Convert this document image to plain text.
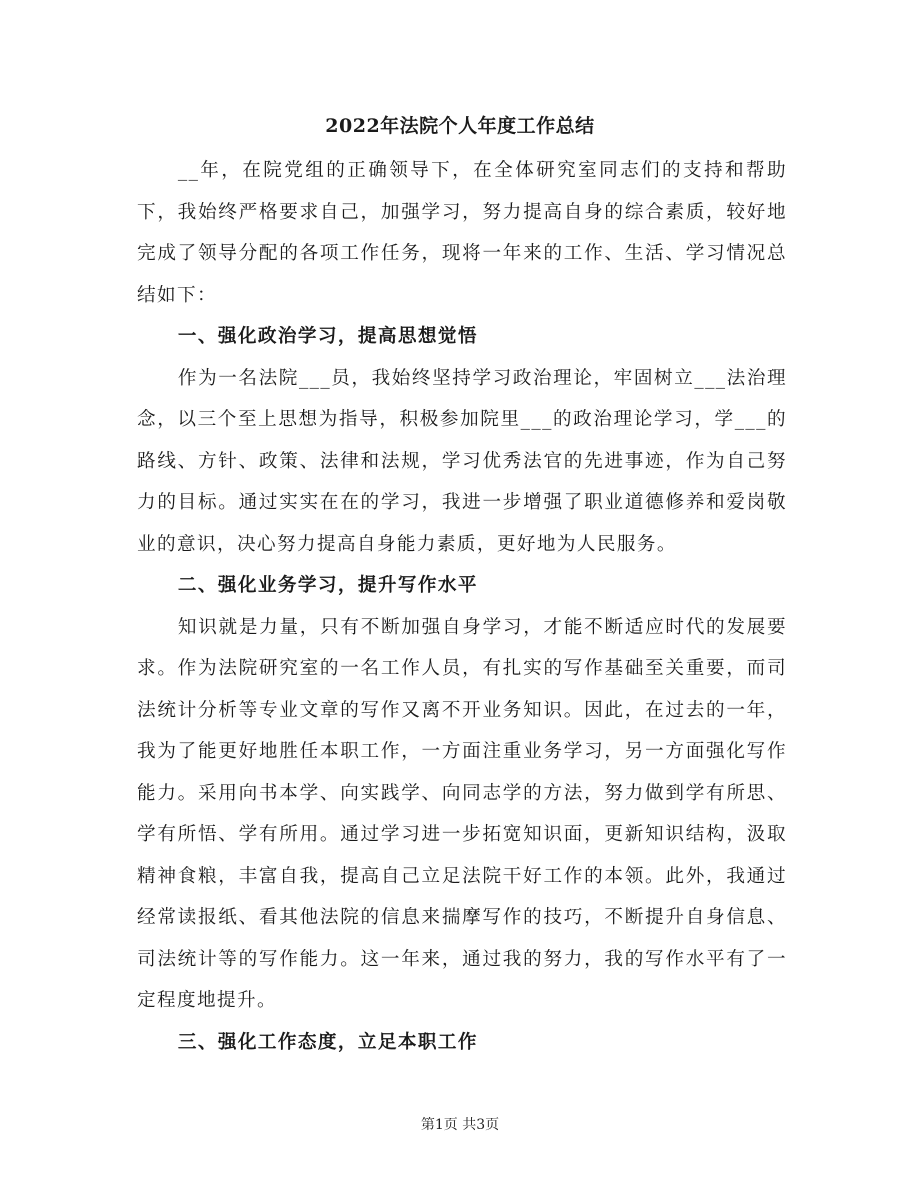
2022年法院个人年度工作总结

__年，在院党组的正确领导下，在全体研究室同志们的支持和帮助下，我始终严格要求自己，加强学习，努力提高自身的综合素质，较好地完成了领导分配的各项工作任务，现将一年来的工作、生活、学习情况总结如下：

一、强化政治学习，提高思想觉悟

作为一名法院___员，我始终坚持学习政治理论，牢固树立___法治理念，以三个至上思想为指导，积极参加院里___的政治理论学习，学___的路线、方针、政策、法律和法规，学习优秀法官的先进事迹，作为自己努力的目标。通过实实在在的学习，我进一步增强了职业道德修养和爱岗敬业的意识，决心努力提高自身能力素质，更好地为人民服务。

二、强化业务学习，提升写作水平

知识就是力量，只有不断加强自身学习，才能不断适应时代的发展要求。作为法院研究室的一名工作人员，有扎实的写作基础至关重要，而司法统计分析等专业文章的写作又离不开业务知识。因此，在过去的一年，我为了能更好地胜任本职工作，一方面注重业务学习，另一方面强化写作能力。采用向书本学、向实践学、向同志学的方法，努力做到学有所思、学有所悟、学有所用。通过学习进一步拓宽知识面，更新知识结构，汲取精神食粮，丰富自我，提高自己立足法院干好工作的本领。此外，我通过经常读报纸、看其他法院的信息来揣摩写作的技巧，不断提升自身信息、司法统计等的写作能力。这一年来，通过我的努力，我的写作水平有了一定程度地提升。

三、强化工作态度，立足本职工作

第1页 共3页
